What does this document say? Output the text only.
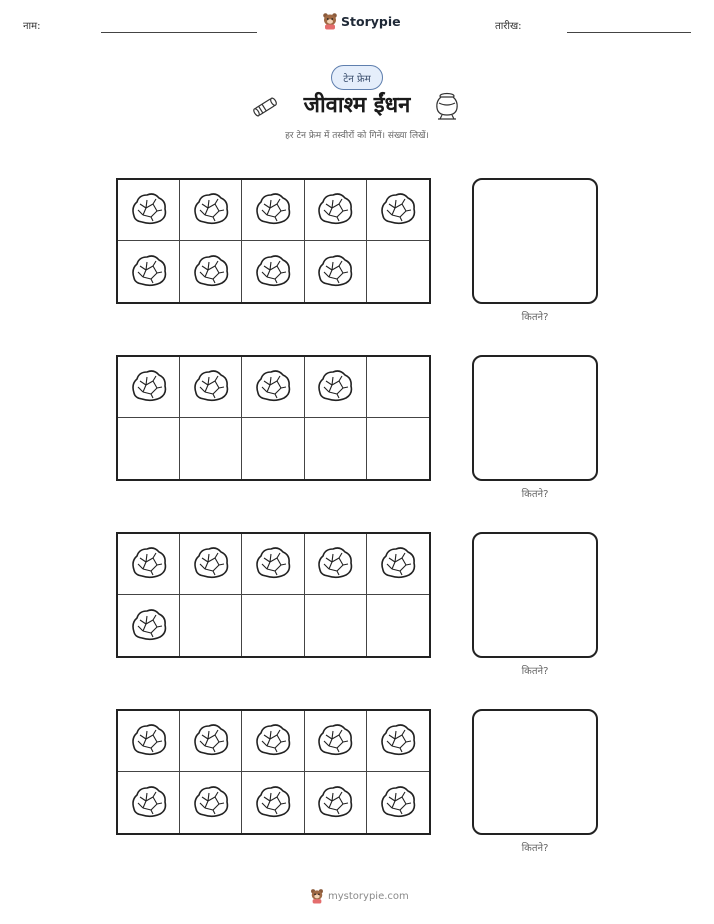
नाम:	Storypie	तारीख:
टेन फ्रेम
जीवाश्म ईंधन
हर टेन फ्रेम में तस्वीरों को गिनें। संख्या लिखें।
कितने?
कितने?
कितने?
कितने?
mystorypie.com
